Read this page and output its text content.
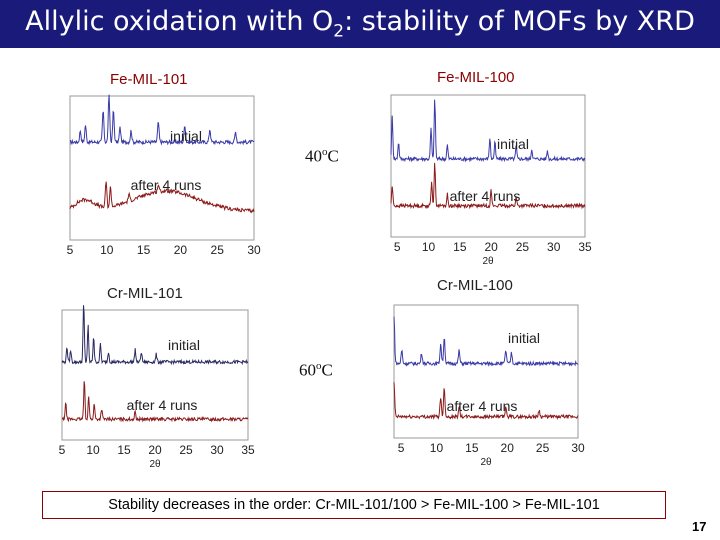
Allylic oxidation with $O_2$: stability of MOFs by XRD
Fe-MIL-101	Fe-MIL-100
Cr-MIL-101	Cr-MIL-100
40$^o$C
60$^o$C
initial
after 4 runs
5 10 15 20 25 30
initial
after 4 runs
5 10 15 20 25 30 35
2θ
initial
after 4 runs
5 10 15 20 25 30 35
2θ
initial
after 4 runs
5 10 15 20 25 30
2θ
Stability decreases in the order: Cr-MIL-101/100 > Fe-MIL-100 > Fe-MIL-101
17
